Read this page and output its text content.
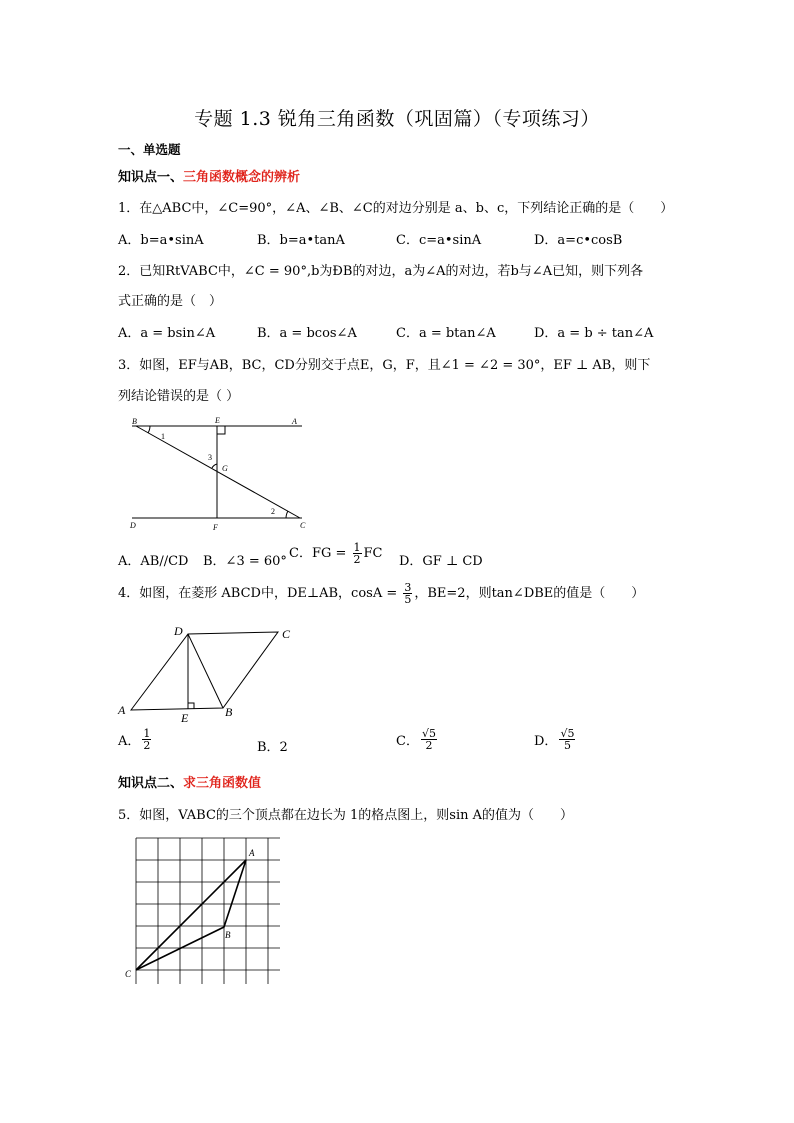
专题 1.3 锐角三角函数（巩固篇）（专项练习）
一、单选题
知识点一、三角函数概念的辨析
1．在△ABC中，∠C=90°，∠A、∠B、∠C的对边分别是 a、b、c，下列结论正确的是（　　）
A．b=a•sinA	B．b=a•tanA	C．c=a•sinA	D．a=c•cosB
2．已知RtVABC中，∠C = 90°,b为ÐB的对边，a为∠A的对边，若b与∠A已知，则下列各
式正确的是（　）
A．a = bsin∠A	B．a = bcos∠A	C．a = btan∠A	D．a = b ÷ tan∠A
3．如图，EF与AB，BC，CD分别交于点E，G，F，且∠1 = ∠2 = 30°，EF ⊥ AB，则下
列结论错误的是（ ）
B	E	A
1
3
G
D	F
2
C
A．AB//CD B．∠3 = 60°
C．FG = $\frac{1}{2}$ FC
D．GF ⊥ CD
4．如图，在菱形 ABCD中，DE⊥AB，$\cos A = \frac{3}{5}$ ，BE=2，则tan∠DBE的值是（　　）
D	C
A
E	B
A． $\frac{1}{2}$	B．2	C． $\frac{√5}{2}$	D． $\frac{√5}{5}$
知识点二、求三角函数值
5．如图，VABC的三个顶点都在边长为 1的格点图上，则sin A的值为（　　）
A
B
C
